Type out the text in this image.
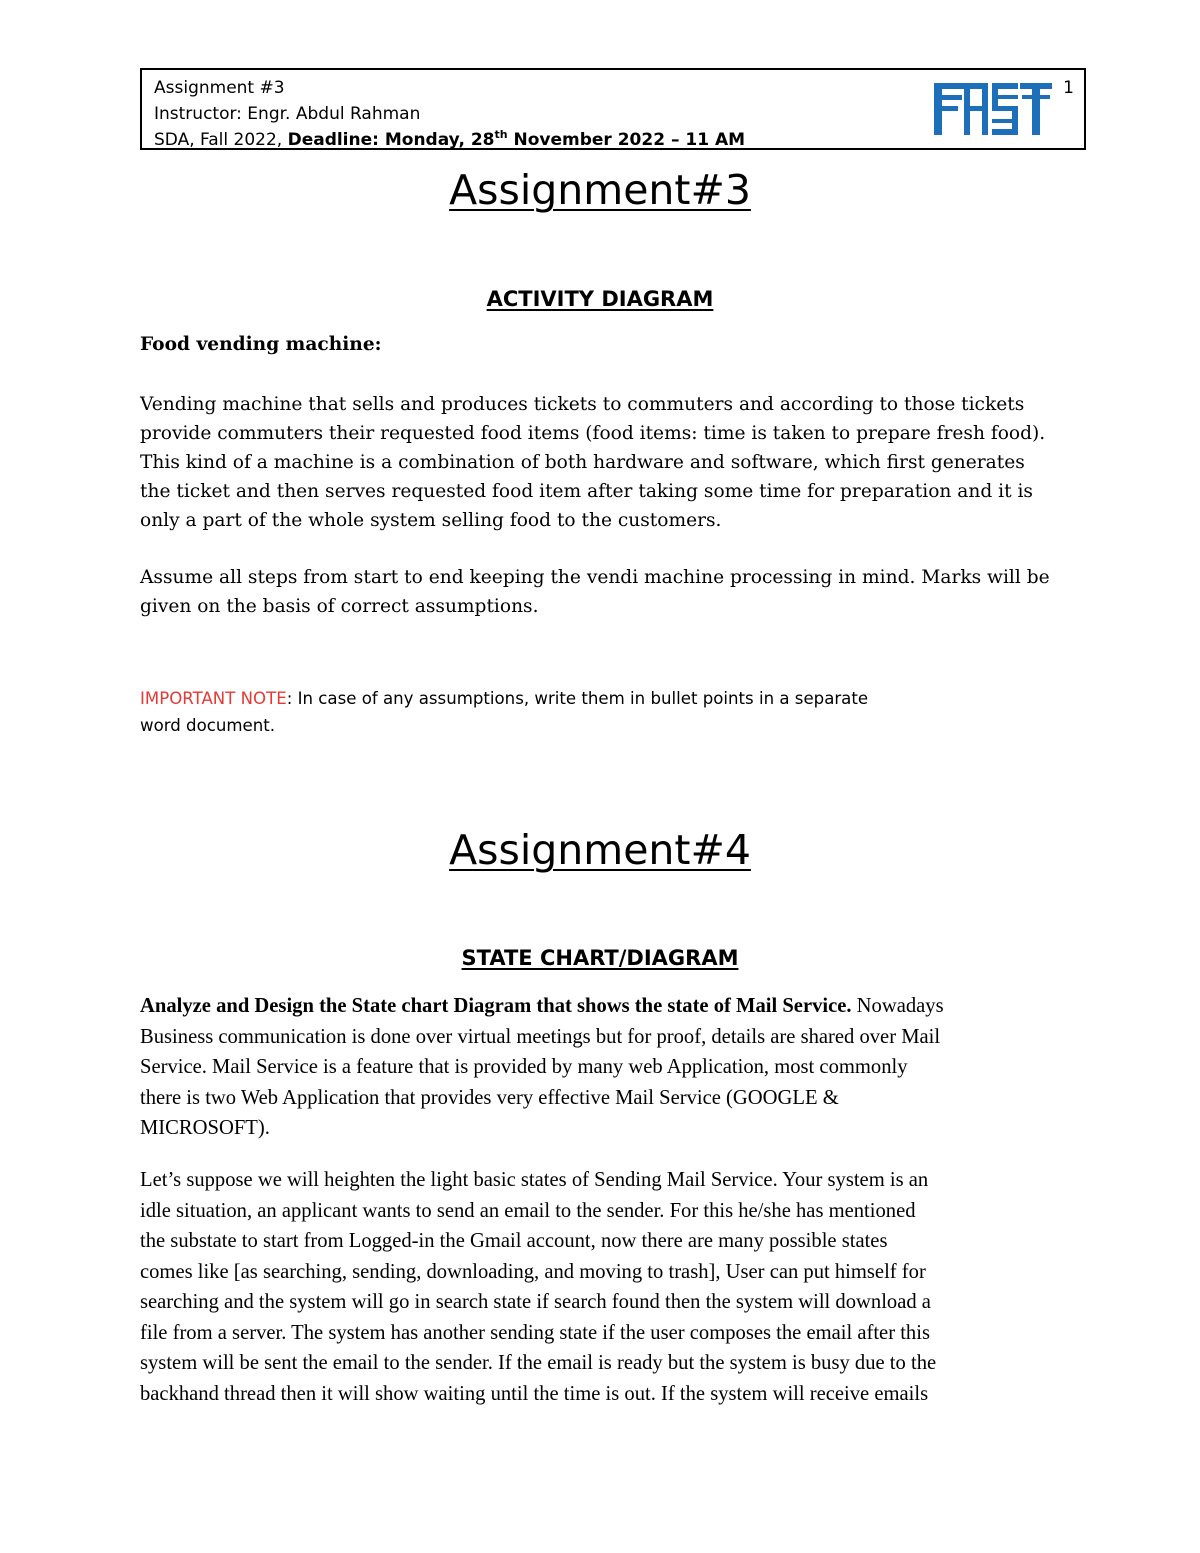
Assignment #3
Instructor: Engr. Abdul Rahman
SDA, Fall 2022, Deadline: Monday, 28th November 2022 – 11 AM
1
Assignment#3
ACTIVITY DIAGRAM

Food vending machine:

Vending machine that sells and produces tickets to commuters and according to those tickets

provide commuters their requested food items (food items: time is taken to prepare fresh food).

This kind of a machine is a combination of both hardware and software, which first generates

the ticket and then serves requested food item after taking some time for preparation and it is

only a part of the whole system selling food to the customers.

Assume all steps from start to end keeping the vendi machine processing in mind. Marks will be

given on the basis of correct assumptions.

IMPORTANT NOTE: In case of any assumptions, write them in bullet points in a separate

word document.

Assignment#4
STATE CHART/DIAGRAM

Analyze and Design the State chart Diagram that shows the state of Mail Service. Nowadays

Business communication is done over virtual meetings but for proof, details are shared over Mail

Service. Mail Service is a feature that is provided by many web Application, most commonly

there is two Web Application that provides very effective Mail Service (GOOGLE &

MICROSOFT).

Let’s suppose we will heighten the light basic states of Sending Mail Service. Your system is an

idle situation, an applicant wants to send an email to the sender. For this he/she has mentioned

the substate to start from Logged-in the Gmail account, now there are many possible states

comes like [as searching, sending, downloading, and moving to trash], User can put himself for

searching and the system will go in search state if search found then the system will download a

file from a server. The system has another sending state if the user composes the email after this

system will be sent the email to the sender. If the email is ready but the system is busy due to the

backhand thread then it will show waiting until the time is out. If the system will receive emails
